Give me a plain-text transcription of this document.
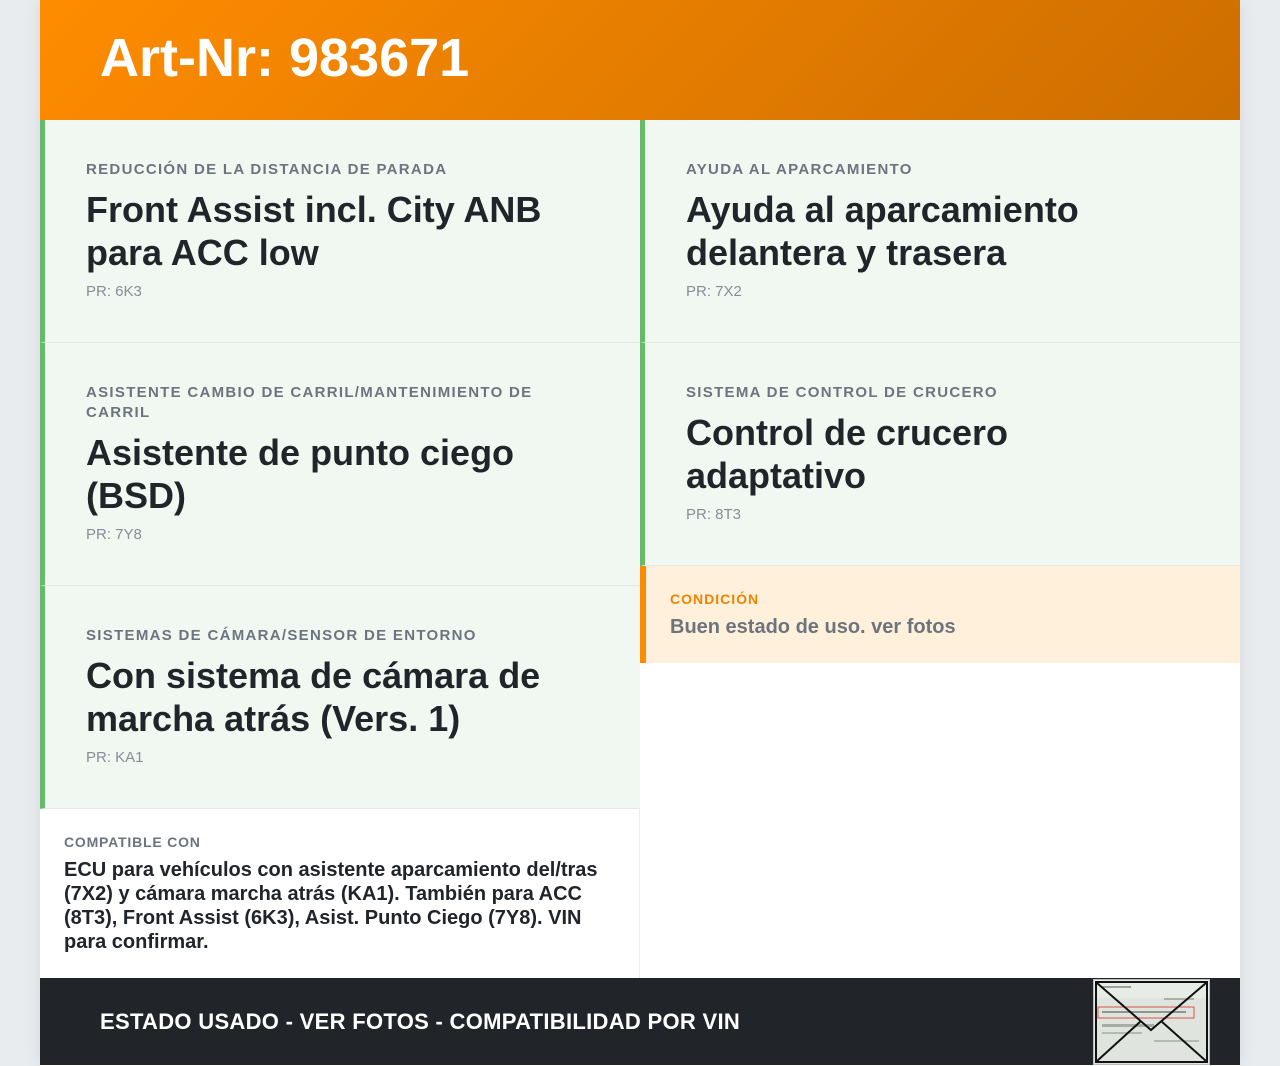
Art-Nr: 983671
REDUCCIÓN DE LA DISTANCIA DE PARADA
Front Assist incl. City ANB para ACC low
PR: 6K3
ASISTENTE CAMBIO DE CARRIL/MANTENIMIENTO DE CARRIL
Asistente de punto ciego (BSD)
PR: 7Y8
SISTEMAS DE CÁMARA/SENSOR DE ENTORNO
Con sistema de cámara de marcha atrás (Vers. 1)
PR: KA1
COMPATIBLE CON
ECU para vehículos con asistente aparcamiento del/tras (7X2) y cámara marcha atrás (KA1). También para ACC (8T3), Front Assist (6K3), Asist. Punto Ciego (7Y8). VIN para confirmar.
AYUDA AL APARCAMIENTO
Ayuda al aparcamiento delantera y trasera
PR: 7X2
SISTEMA DE CONTROL DE CRUCERO
Control de crucero adaptativo
PR: 8T3
CONDICIÓN
Buen estado de uso. ver fotos
ESTADO USADO - VER FOTOS - COMPATIBILIDAD POR VIN
